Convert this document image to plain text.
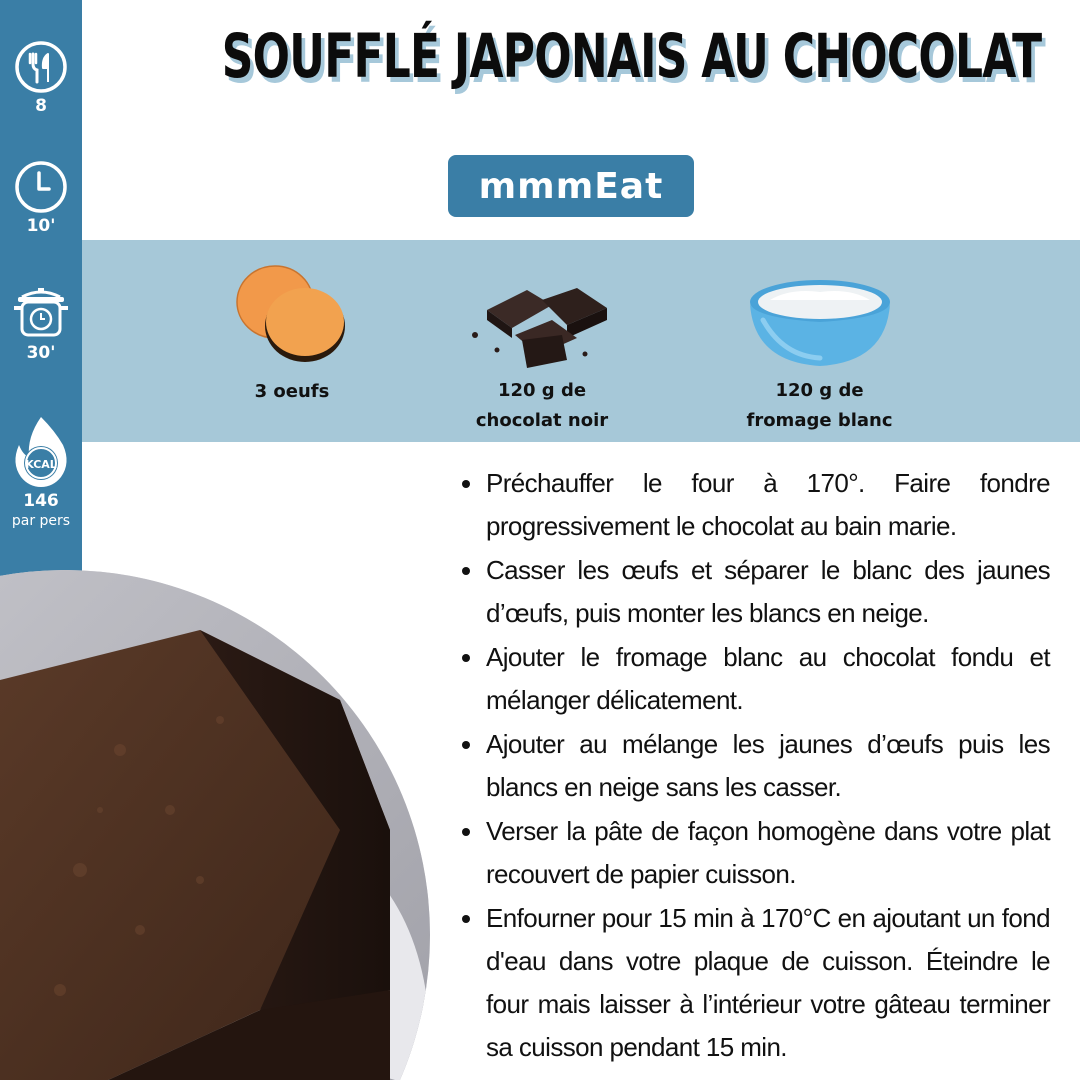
8
10'
30'
KCAL
146
par pers
SOUFFLÉ JAPONAIS AU CHOCOLAT
mmmEat
3 oeufs	120 g de
chocolat noir
120 g de
fromage blanc
Préchauffer le four à 170°. Faire fondre progressivement le chocolat au bain marie.
Casser les œufs et séparer le blanc des jaunes d’œufs, puis monter les blancs en neige.
Ajouter le fromage blanc au chocolat fondu et mélanger délicatement.
Ajouter au mélange les jaunes d’œufs puis les blancs en neige sans les casser.
Verser la pâte de façon homogène dans votre plat recouvert de papier cuisson.
Enfourner pour 15 min à 170°C en ajoutant un fond d'eau dans votre plaque de cuisson. Éteindre le four mais laisser à l’intérieur votre gâteau terminer sa cuisson pendant 15 min.
